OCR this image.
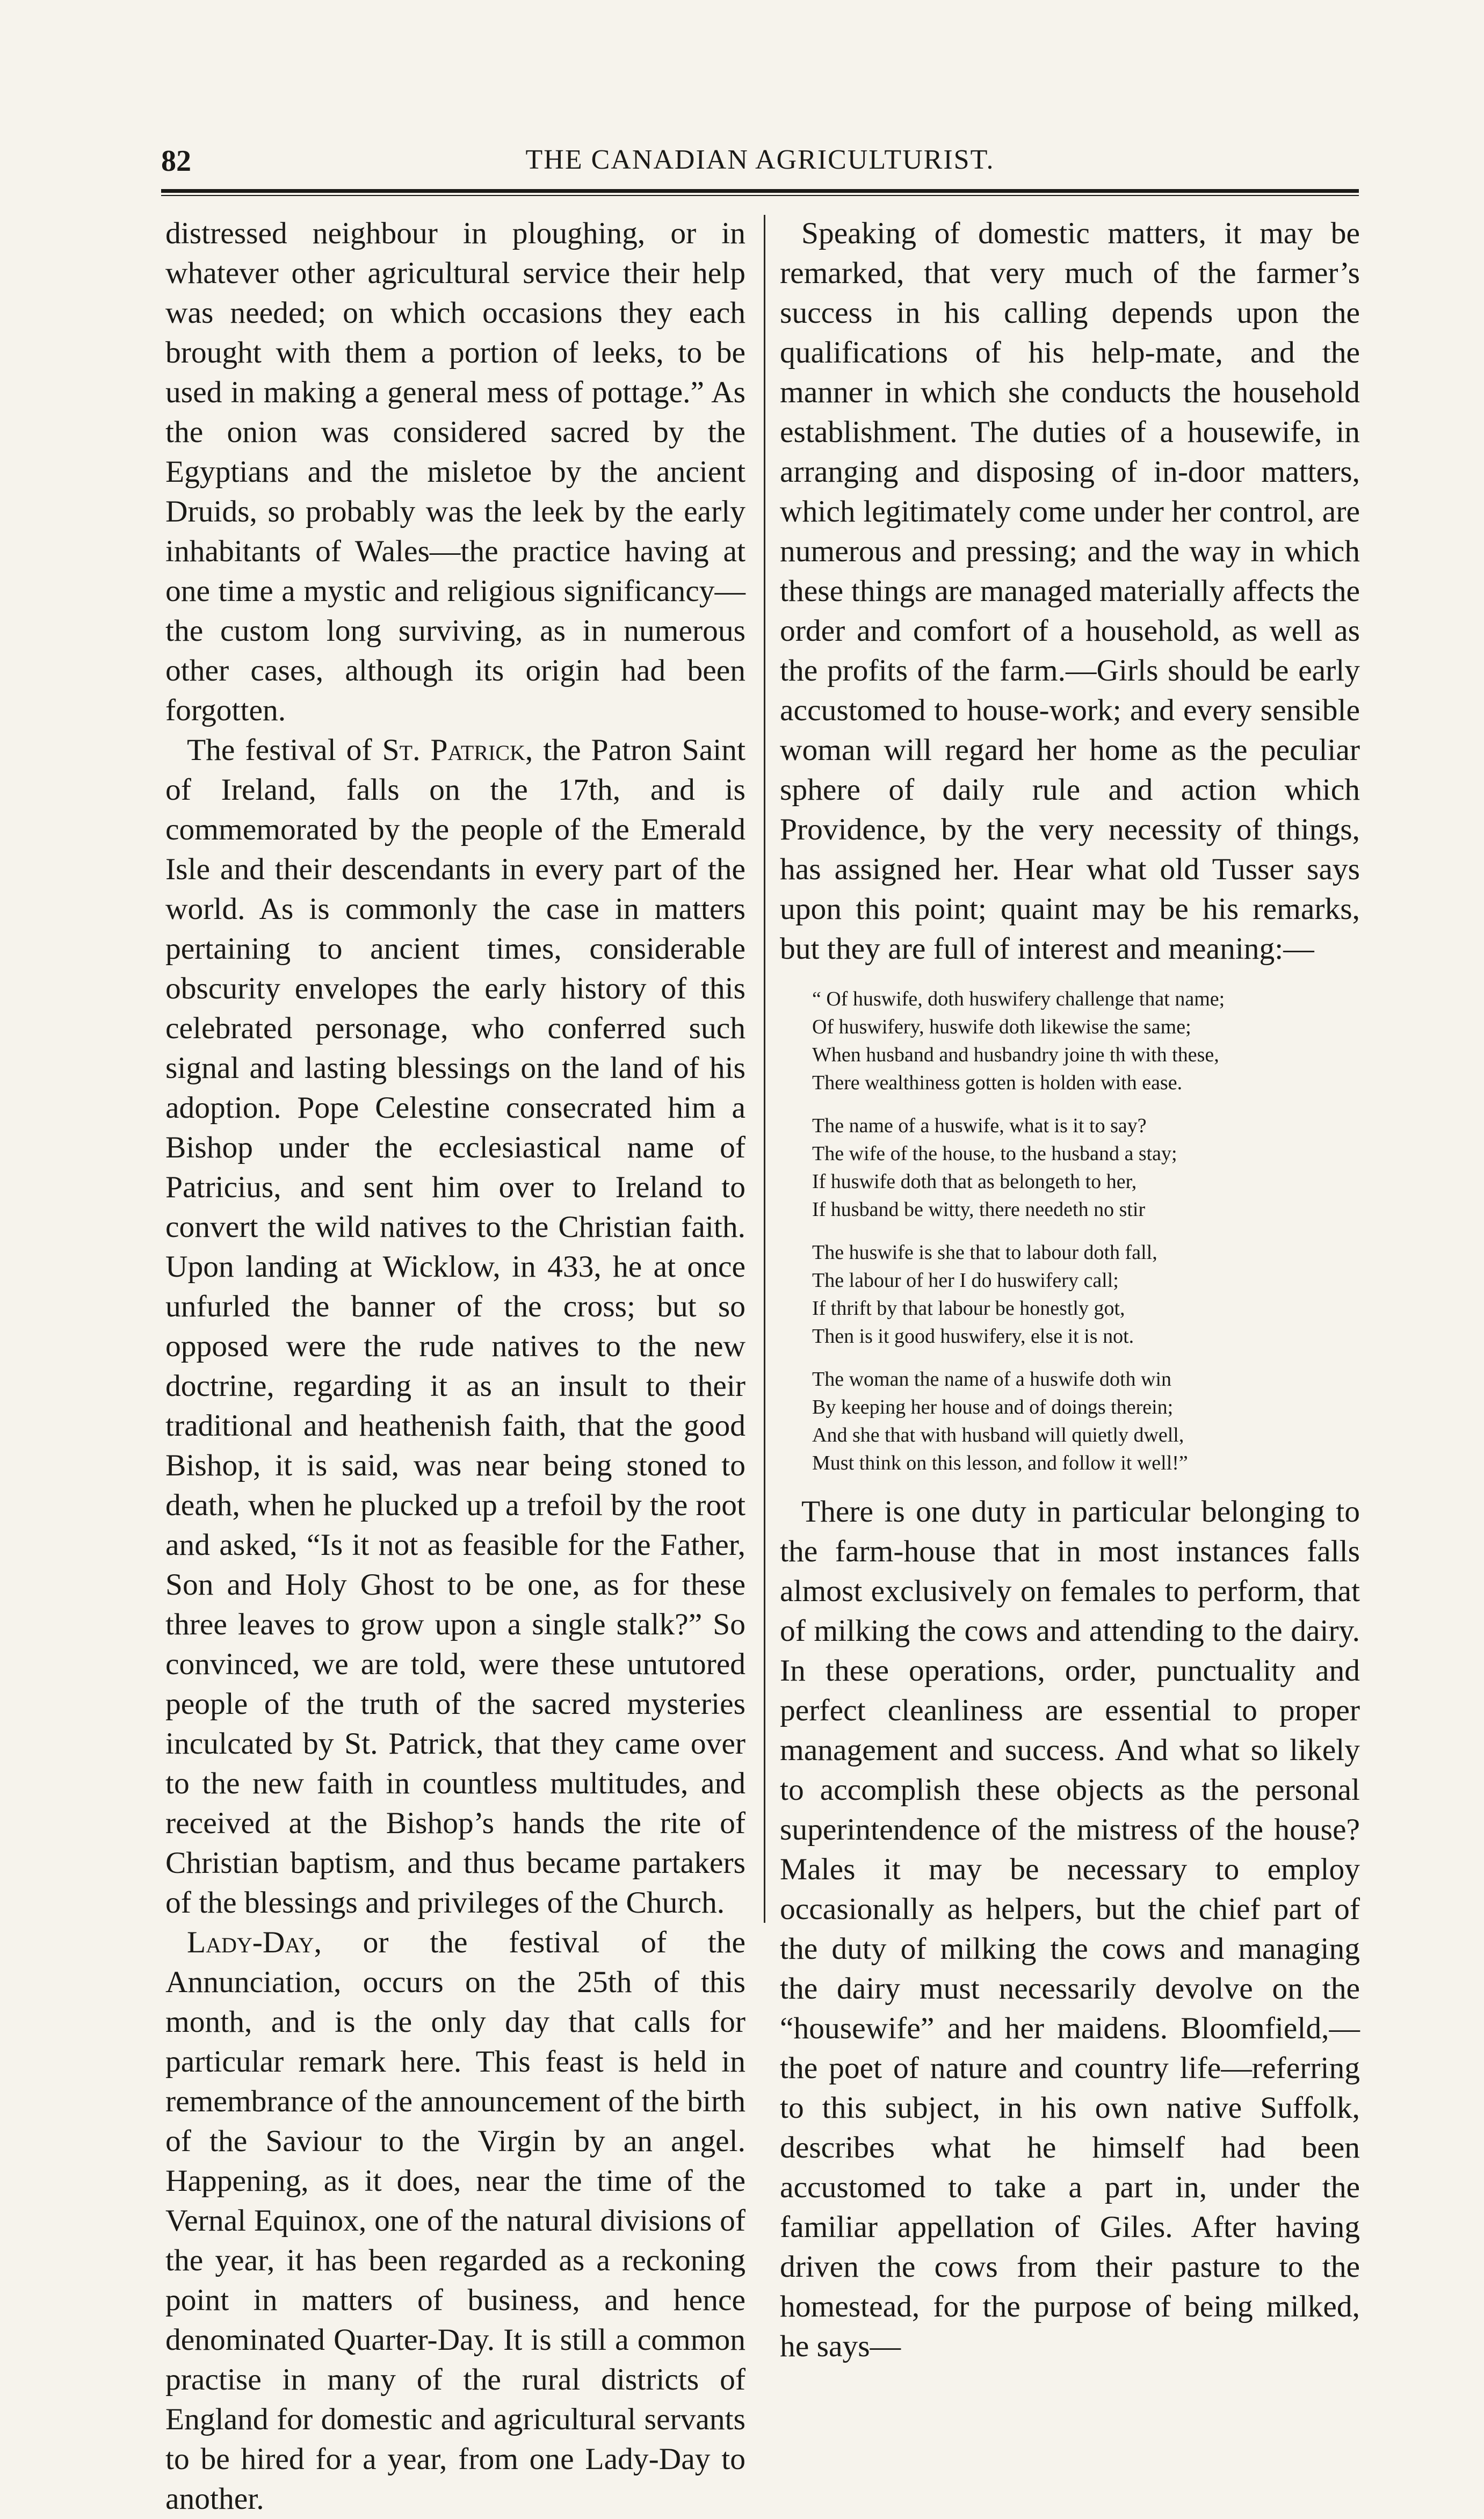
82	THE CANADIAN AGRICULTURIST.

distressed neighbour in ploughing, or in whatever other agricultural service their help was needed; on which occasions they each brought with them a portion of leeks, to be used in making a general mess of pottage.” As the onion was considered sacred by the Egyptians and the misletoe by the ancient Druids, so probably was the leek by the early inhabitants of Wales—the practice having at one time a mystic and religious significancy—the custom long surviving, as in numerous other cases, although its origin had been forgotten.

The festival of St. Patrick, the Patron Saint of Ireland, falls on the 17th, and is commemorated by the people of the Emerald Isle and their descendants in every part of the world. As is commonly the case in matters pertaining to ancient times, considerable obscurity envelopes the early history of this celebrated personage, who conferred such signal and lasting blessings on the land of his adoption. Pope Celestine consecrated him a Bishop under the ecclesiastical name of Patricius, and sent him over to Ireland to convert the wild natives to the Christian faith. Upon landing at Wicklow, in 433, he at once unfurled the banner of the cross; but so opposed were the rude natives to the new doctrine, regarding it as an insult to their traditional and heathenish faith, that the good Bishop, it is said, was near being stoned to death, when he plucked up a trefoil by the root and asked, “Is it not as feasible for the Father, Son and Holy Ghost to be one, as for these three leaves to grow upon a single stalk?” So convinced, we are told, were these untutored people of the truth of the sacred mysteries inculcated by St. Patrick, that they came over to the new faith in countless multitudes, and received at the Bishop’s hands the rite of Christian baptism, and thus became partakers of the blessings and privileges of the Church.

Lady-Day, or the festival of the Annunciation, occurs on the 25th of this month, and is the only day that calls for particular remark here. This feast is held in remembrance of the announcement of the birth of the Saviour to the Virgin by an angel. Happening, as it does, near the time of the Vernal Equinox, one of the natural divisions of the year, it has been regarded as a reckoning point in matters of business, and hence denominated Quarter-Day. It is still a common practise in many of the rural districts of England for domestic and agricultural servants to be hired for a year, from one Lady-Day to another.

Speaking of domestic matters, it may be remarked, that very much of the farmer’s success in his calling depends upon the qualifications of his help-mate, and the manner in which she conducts the household establishment. The duties of a housewife, in arranging and disposing of in-door matters, which legitimately come under her control, are numerous and pressing; and the way in which these things are managed materially affects the order and comfort of a household, as well as the profits of the farm.—Girls should be early accustomed to house-work; and every sensible woman will regard her home as the peculiar sphere of daily rule and action which Providence, by the very necessity of things, has assigned her. Hear what old Tusser says upon this point; quaint may be his remarks, but they are full of interest and meaning:—

“ Of huswife, doth huswifery challenge that name;
Of huswifery, huswife doth likewise the same;
When husband and husbandry joine th with these,
There wealthiness gotten is holden with ease.
The name of a huswife, what is it to say?
The wife of the house, to the husband a stay;
If huswife doth that as belongeth to her,
If husband be witty, there needeth no stir
The huswife is she that to labour doth fall,
The labour of her I do huswifery call;
If thrift by that labour be honestly got,
Then is it good huswifery, else it is not.
The woman the name of a huswife doth win
By keeping her house and of doings therein;
And she that with husband will quietly dwell,
Must think on this lesson, and follow it well!”

There is one duty in particular belonging to the farm-house that in most instances falls almost exclusively on females to perform, that of milking the cows and attending to the dairy. In these operations, order, punctuality and perfect cleanliness are essential to proper management and success. And what so likely to accomplish these objects as the personal superintendence of the mistress of the house? Males it may be necessary to employ occasionally as helpers, but the chief part of the duty of milking the cows and managing the dairy must necessarily devolve on the “housewife” and her maidens. Bloomfield,—the poet of nature and country life—referring to this subject, in his own native Suffolk, describes what he himself had been accustomed to take a part in, under the familiar appellation of Giles. After having driven the cows from their pasture to the homestead, for the purpose of being milked, he says—
